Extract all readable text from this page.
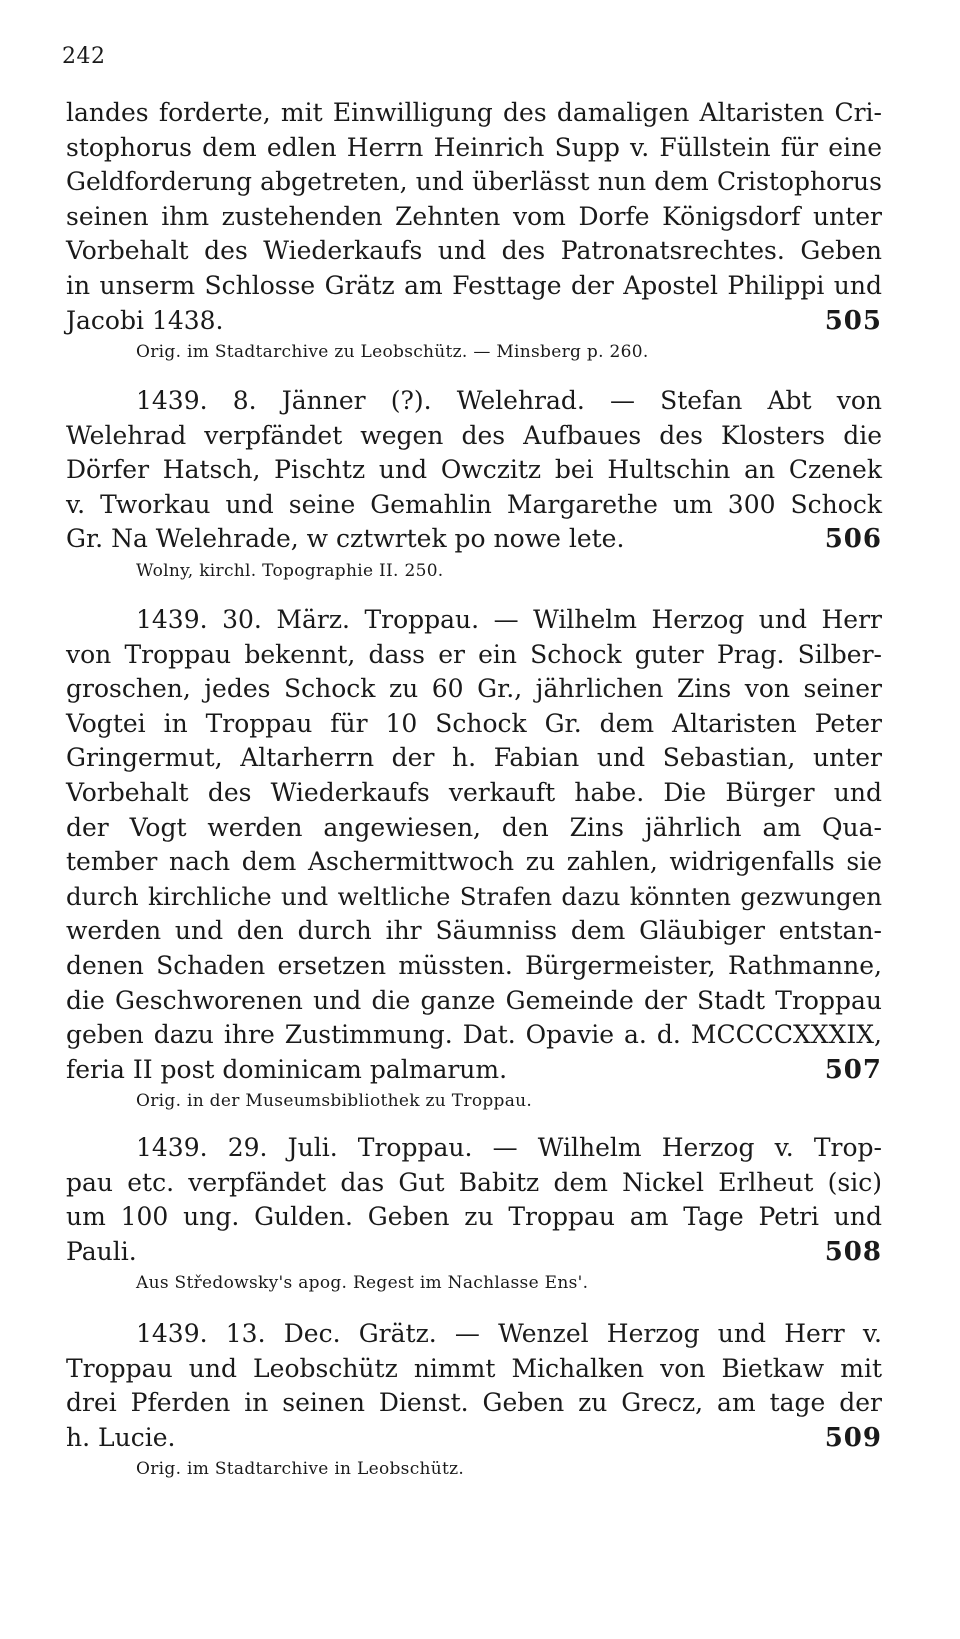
242
landes forderte, mit Einwilligung des damaligen Altaristen Cri-
stophorus dem edlen Herrn Heinrich Supp v. Füllstein für eine
Geldforderung abgetreten, und überlässt nun dem Cristophorus
seinen ihm zustehenden Zehnten vom Dorfe Königsdorf unter
Vorbehalt des Wiederkaufs und des Patronatsrechtes. Geben
in unserm Schlosse Grätz am Festtage der Apostel Philippi und
Jacobi 1438.	505
Orig. im Stadtarchive zu Leobschütz. — Minsberg p. 260.
1439. 8. Jänner (?). Welehrad. — Stefan Abt von
Welehrad verpfändet wegen des Aufbaues des Klosters die
Dörfer Hatsch, Pischtz und Owczitz bei Hultschin an Czenek
v. Tworkau und seine Gemahlin Margarethe um 300 Schock
Gr. Na Welehrade, w cztwrtek po nowe lete.	506
Wolny, kirchl. Topographie II. 250.
1439. 30. März. Troppau. — Wilhelm Herzog und Herr
von Troppau bekennt, dass er ein Schock guter Prag. Silber-
groschen, jedes Schock zu 60 Gr., jährlichen Zins von seiner
Vogtei in Troppau für 10 Schock Gr. dem Altaristen Peter
Gringermut, Altarherrn der h. Fabian und Sebastian, unter
Vorbehalt des Wiederkaufs verkauft habe. Die Bürger und
der Vogt werden angewiesen, den Zins jährlich am Qua-
tember nach dem Aschermittwoch zu zahlen, widrigenfalls sie
durch kirchliche und weltliche Strafen dazu könnten gezwungen
werden und den durch ihr Säumniss dem Gläubiger entstan-
denen Schaden ersetzen müssten. Bürgermeister, Rathmanne,
die Geschworenen und die ganze Gemeinde der Stadt Troppau
geben dazu ihre Zustimmung. Dat. Opavie a. d. MCCCCXXXIX,
feria II post dominicam palmarum.	507
Orig. in der Museumsbibliothek zu Troppau.
1439. 29. Juli. Troppau. — Wilhelm Herzog v. Trop-
pau etc. verpfändet das Gut Babitz dem Nickel Erlheut (sic)
um 100 ung. Gulden. Geben zu Troppau am Tage Petri und
Pauli.	508
Aus Středowsky's apog. Regest im Nachlasse Ens'.
1439. 13. Dec. Grätz. — Wenzel Herzog und Herr v.
Troppau und Leobschütz nimmt Michalken von Bietkaw mit
drei Pferden in seinen Dienst. Geben zu Grecz, am tage der
h. Lucie.	509
Orig. im Stadtarchive in Leobschütz.
